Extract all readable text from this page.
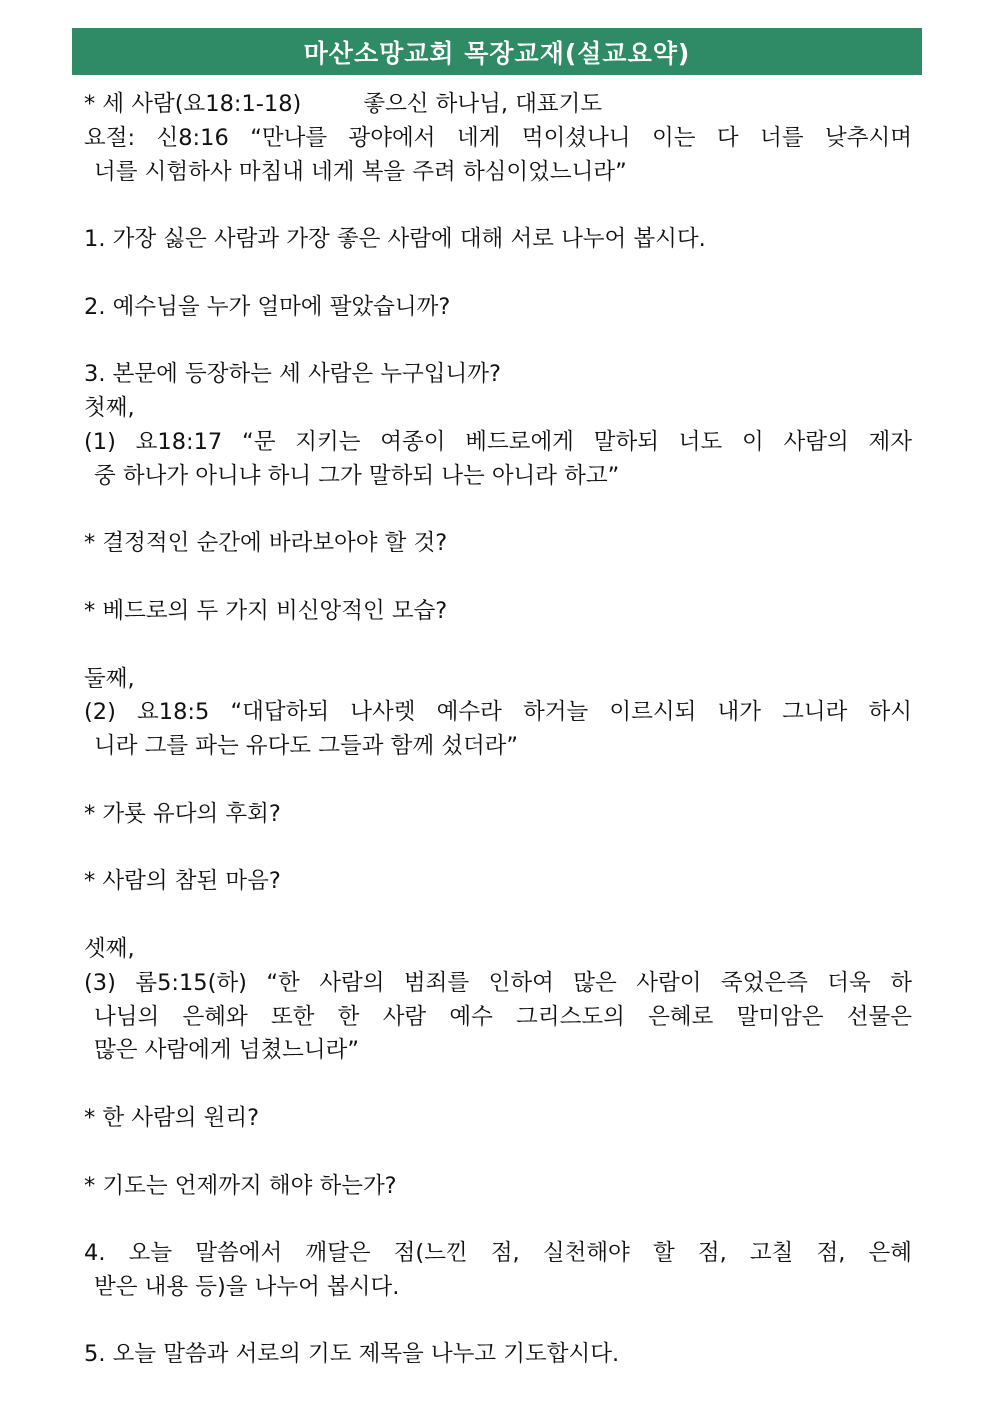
마산소망교회 목장교재(설교요약)
* 세 사람(요18:1-18)	좋으신 하나님, 대표기도
요절: 신8:16 “만나를 광야에서 네게 먹이셨나니 이는 다 너를 낮추시며
너를 시험하사 마침내 네게 복을 주려 하심이었느니라”
1. 가장 싫은 사람과 가장 좋은 사람에 대해 서로 나누어 봅시다.
2. 예수님을 누가 얼마에 팔았습니까?
3. 본문에 등장하는 세 사람은 누구입니까?
첫째,
(1) 요18:17 “문 지키는 여종이 베드로에게 말하되 너도 이 사람의 제자
중 하나가 아니냐 하니 그가 말하되 나는 아니라 하고”
* 결정적인 순간에 바라보아야 할 것?
* 베드로의 두 가지 비신앙적인 모습?
둘째,
(2) 요18:5 “대답하되 나사렛 예수라 하거늘 이르시되 내가 그니라 하시
니라 그를 파는 유다도 그들과 함께 섰더라”
* 가룟 유다의 후회?
* 사람의 참된 마음?
셋째,
(3) 롬5:15(하) “한 사람의 범죄를 인하여 많은 사람이 죽었은즉 더욱 하
나님의 은혜와 또한 한 사람 예수 그리스도의 은혜로 말미암은 선물은
많은 사람에게 넘쳤느니라”
* 한 사람의 원리?
* 기도는 언제까지 해야 하는가?
4. 오늘 말씀에서 깨달은 점(느낀 점, 실천해야 할 점, 고칠 점, 은혜
받은 내용 등)을 나누어 봅시다.
5. 오늘 말씀과 서로의 기도 제목을 나누고 기도합시다.
